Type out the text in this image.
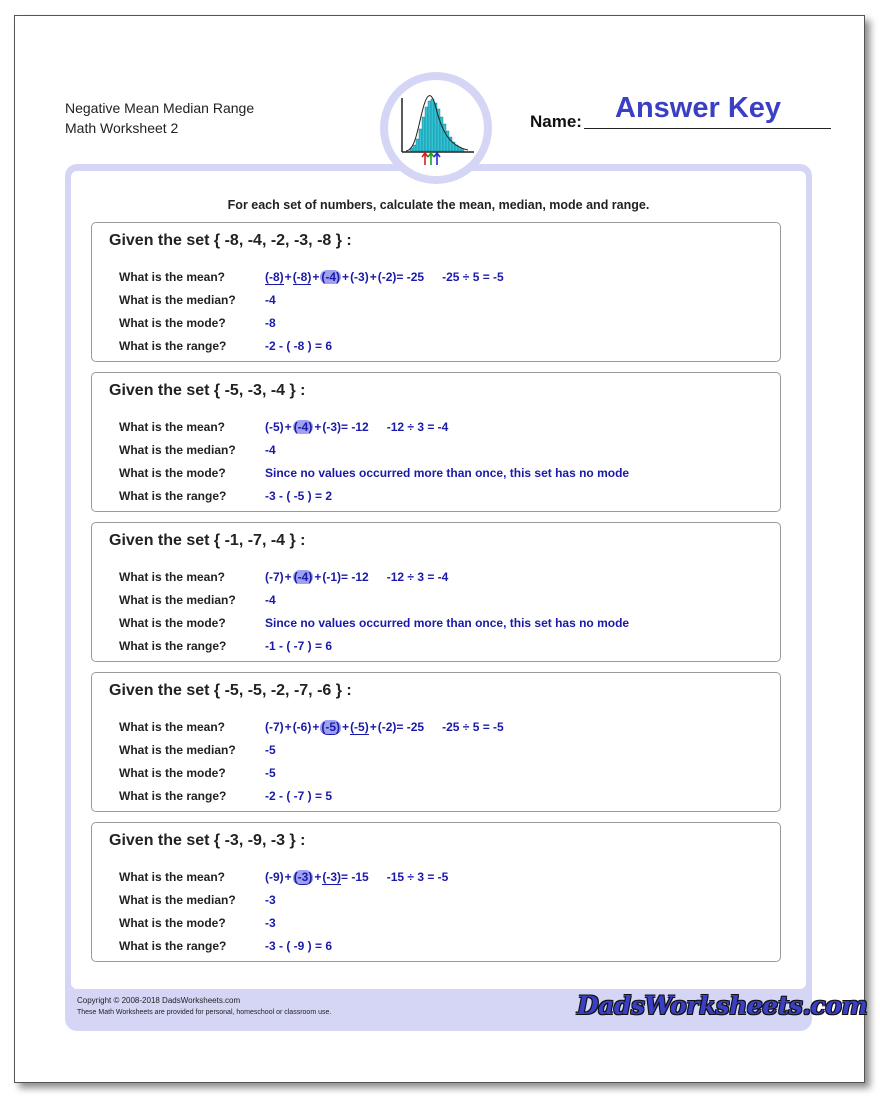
Negative Mean Median Range
Math Worksheet 2
Answer Key
Name:
For each set of numbers, calculate the mean, median, mode and range.
Given the set { -8, -4, -2, -3, -8 } :
What is the mean?	(-8)+(-8)+ (-4) +(-3)+(-2)= -25 -25 ÷ 5 = -5
What is the median? -4
What is the mode?	-8
What is the range?	-2 - ( -8 ) = 6
Given the set { -5, -3, -4 } :
What is the mean?	(-5)+ (-4) +(-3)= -12 -12 ÷ 3 = -4
What is the median? -4
What is the mode?	Since no values occurred more than once, this set has no mode
What is the range?	-3 - ( -5 ) = 2
Given the set { -1, -7, -4 } :
What is the mean?	(-7)+ (-4) +(-1)= -12 -12 ÷ 3 = -4
What is the median? -4
What is the mode?	Since no values occurred more than once, this set has no mode
What is the range?	-1 - ( -7 ) = 6
Given the set { -5, -5, -2, -7, -6 } :
What is the mean?	(-7)+(-6)+ (-5) +(-5)+(-2)= -25 -25 ÷ 5 = -5
What is the median? -5
What is the mode?	-5
What is the range?	-2 - ( -7 ) = 5
Given the set { -3, -9, -3 } :
What is the mean?	(-9)+ (-3) +(-3)= -15 -15 ÷ 3 = -5
What is the median? -3
What is the mode?	-3
What is the range?	-3 - ( -9 ) = 6
Copyright © 2008-2018 DadsWorksheets.com
These Math Worksheets are provided for personal, homeschool or classroom use.	DadsWorksheets.com
